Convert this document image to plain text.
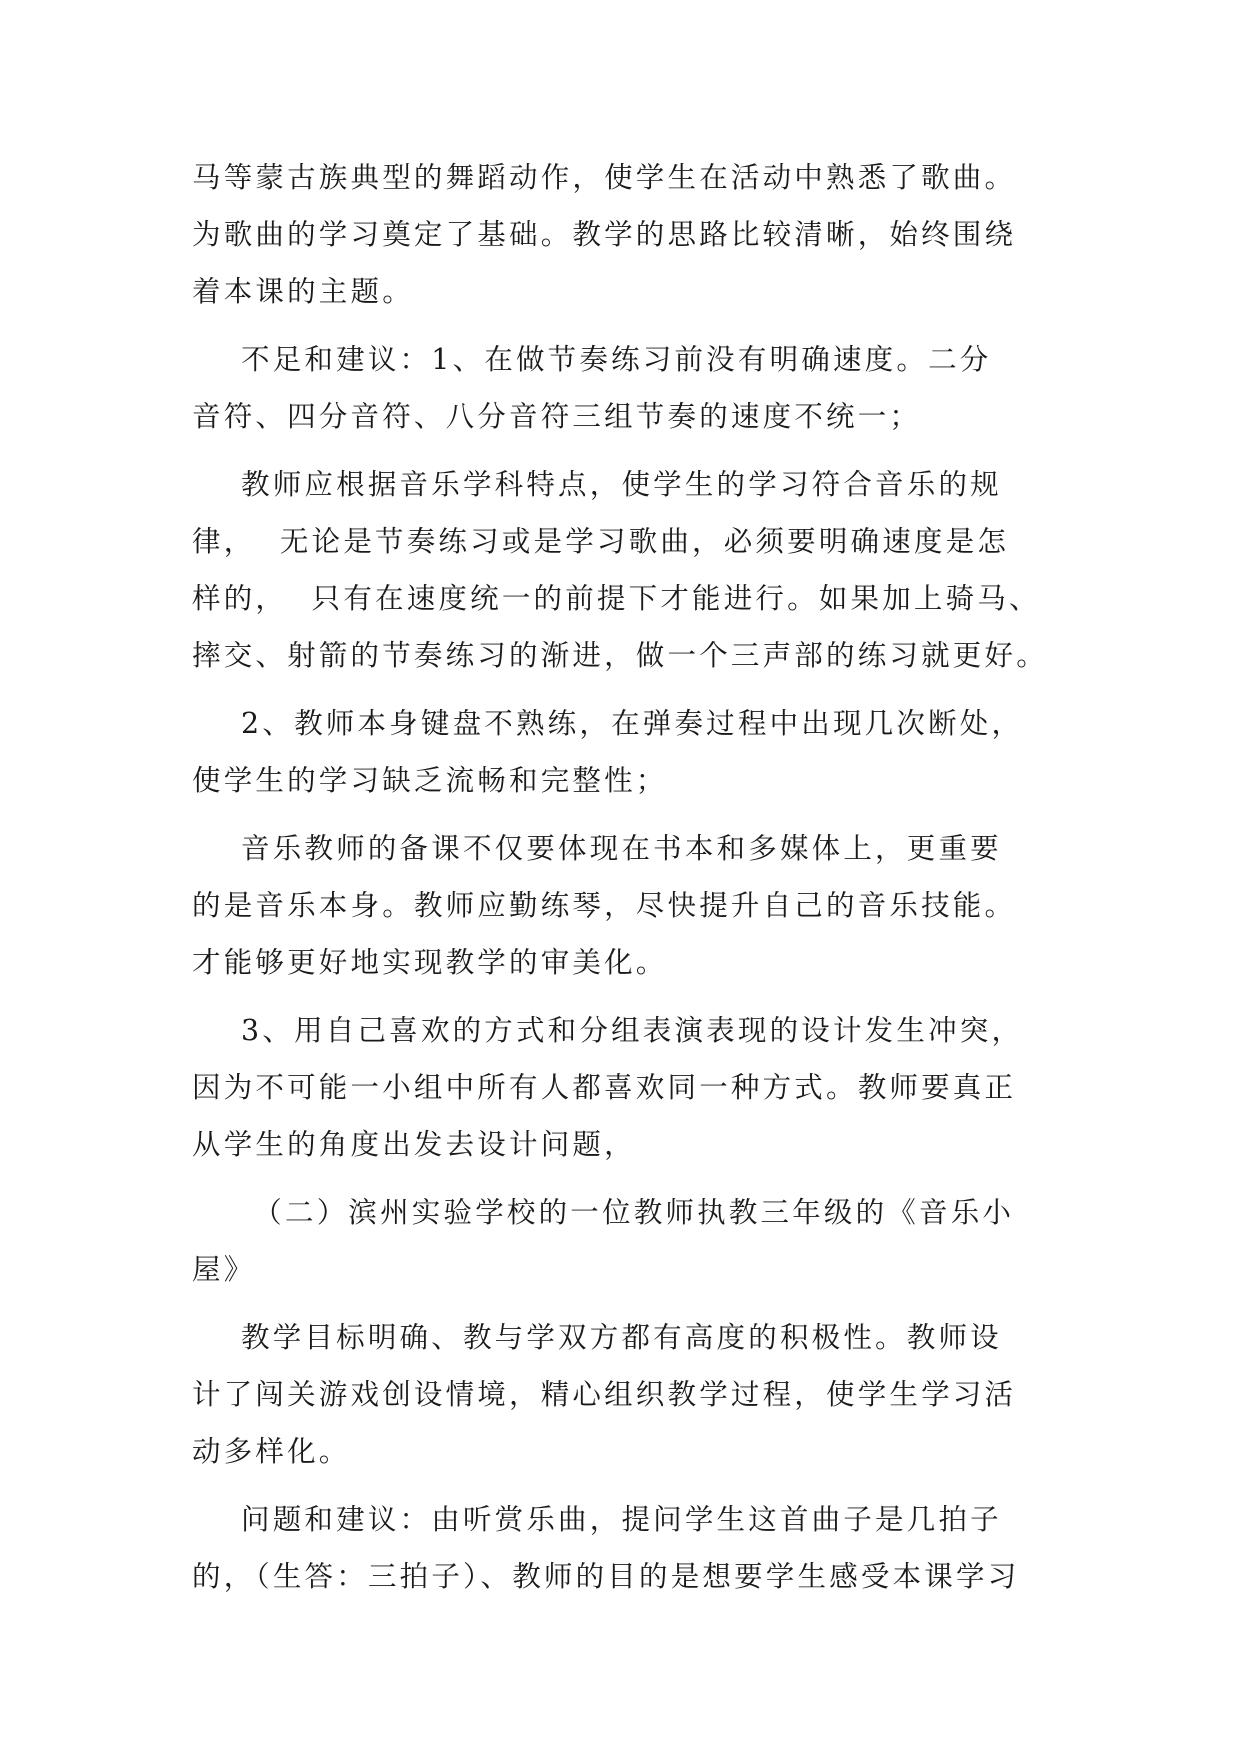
马等蒙古族典型的舞蹈动作，使学生在活动中熟悉了歌曲。
为歌曲的学习奠定了基础。教学的思路比较清晰，始终围绕
着本课的主题。
不足和建议：1、在做节奏练习前没有明确速度。二分
音符、四分音符、八分音符三组节奏的速度不统一；
教师应根据音乐学科特点，使学生的学习符合音乐的规
律，  无论是节奏练习或是学习歌曲，必须要明确速度是怎
样的，  只有在速度统一的前提下才能进行。如果加上骑马、
摔交、射箭的节奏练习的渐进，做一个三声部的练习就更好。
2、教师本身键盘不熟练，在弹奏过程中出现几次断处，
使学生的学习缺乏流畅和完整性；
音乐教师的备课不仅要体现在书本和多媒体上，更重要
的是音乐本身。教师应勤练琴，尽快提升自己的音乐技能。
才能够更好地实现教学的审美化。
3、用自己喜欢的方式和分组表演表现的设计发生冲突，
因为不可能一小组中所有人都喜欢同一种方式。教师要真正
从学生的角度出发去设计问题，
（二）滨州实验学校的一位教师执教三年级的《音乐小
屋》
教学目标明确、教与学双方都有高度的积极性。教师设
计了闯关游戏创设情境，精心组织教学过程，使学生学习活
动多样化。
问题和建议：由听赏乐曲，提问学生这首曲子是几拍子
的，（生答：三拍子）、教师的目的是想要学生感受本课学习
